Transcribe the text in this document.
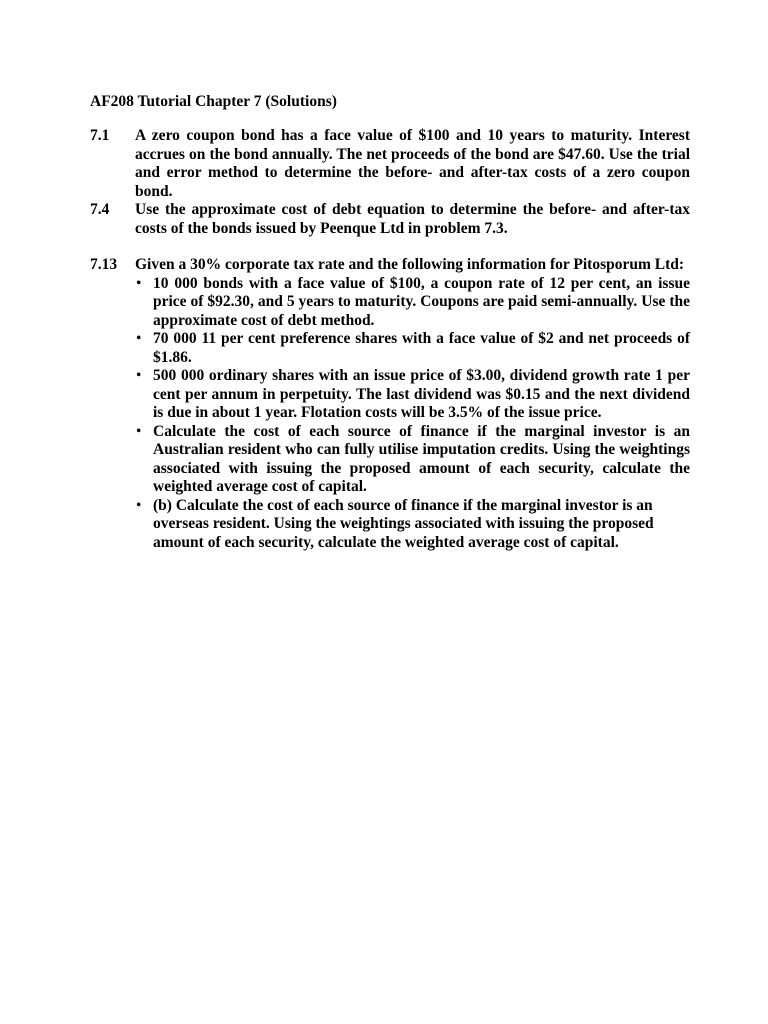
AF208 Tutorial Chapter 7 (Solutions)
7.1 A zero coupon bond has a face value of $100 and 10 years to maturity. Interest accrues on the bond annually. The net proceeds of the bond are $47.60. Use the trial and error method to determine the before- and after-tax costs of a zero coupon bond.
7.4 Use the approximate cost of debt equation to determine the before- and after-tax costs of the bonds issued by Peenque Ltd in problem 7.3.
7.13 Given a 30% corporate tax rate and the following information for Pitosporum Ltd:
• 10 000 bonds with a face value of $100, a coupon rate of 12 per cent, an issue price of $92.30, and 5 years to maturity. Coupons are paid semi-annually. Use the approximate cost of debt method.
• 70 000 11 per cent preference shares with a face value of $2 and net proceeds of $1.86.
• 500 000 ordinary shares with an issue price of $3.00, dividend growth rate 1 per cent per annum in perpetuity. The last dividend was $0.15 and the next dividend is due in about 1 year. Flotation costs will be 3.5% of the issue price.
• Calculate the cost of each source of finance if the marginal investor is an Australian resident who can fully utilise imputation credits. Using the weightings associated with issuing the proposed amount of each security, calculate the weighted average cost of capital.
• (b) Calculate the cost of each source of finance if the marginal investor is an overseas resident. Using the weightings associated with issuing the proposed amount of each security, calculate the weighted average cost of capital.
